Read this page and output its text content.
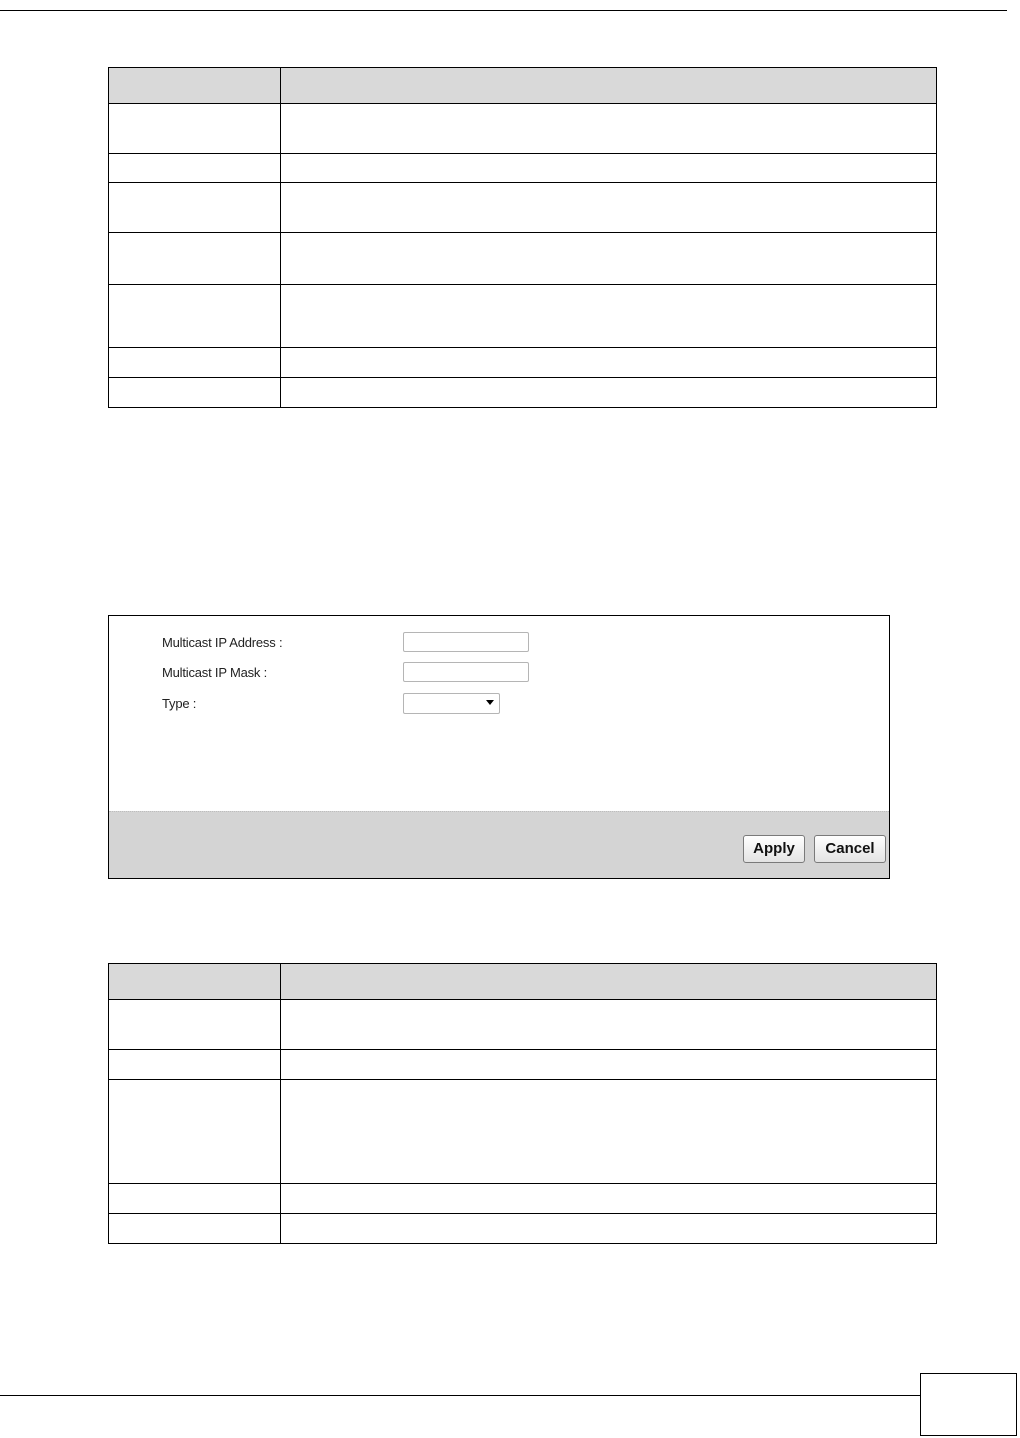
Multicast IP Address :
Multicast IP Mask :
Type :
Apply	Cancel
